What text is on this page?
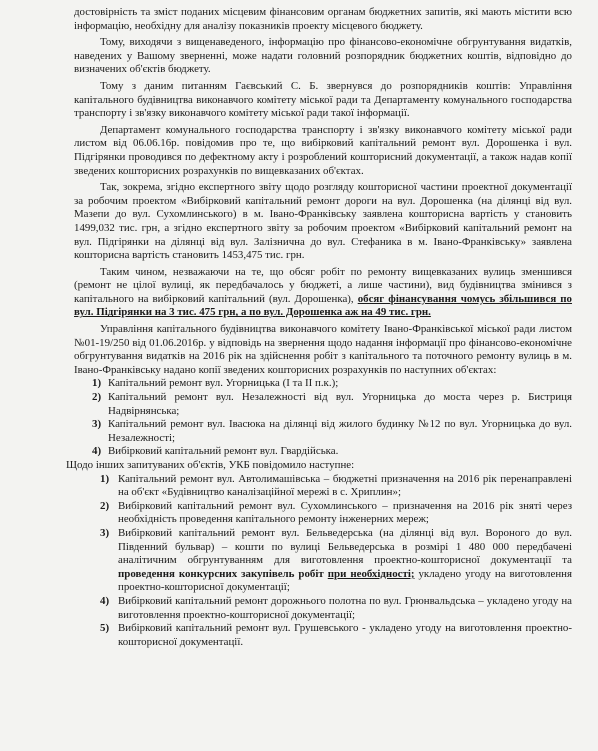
достовірність та зміст поданих місцевим фінансовим органам бюджетних запитів, які мають містити всю інформацію, необхідну для аналізу показників проекту місцевого бюджету.

Тому, виходячи з вищенаведеного, інформацію про фінансово-економічне обгрунтування видатків, наведених у Вашому зверненні, може надати головний розпорядник бюджетних коштів, відповідно до визначених об'єктів бюджету.

Тому з даним питанням Гаєвський С. Б. звернувся до розпорядників коштів: Управління капітального будівництва виконавчого комітету міської ради та Департаменту комунального господарства транспорту і зв'язку виконавчого комітету міської ради такої інформації.

Департамент комунального господарства транспорту і зв'язку виконавчого комітету міської ради листом від 06.06.16р. повідомив про те, що вибірковий капітальний ремонт вул. Дорошенка і вул. Підгірянки проводився по дефектному акту і розроблений кошторисний документації, а також надав копії зведених кошторисних розрахунків по вищевказаних об'єктах.

Так, зокрема, згідно експертного звіту щодо розгляду кошторисної частини проектної документації за робочим проектом «Вибірковий капітальний ремонт дороги на вул. Дорошенка (на ділянці від вул. Мазепи до вул. Сухомлинського) в м. Івано-Франківську заявлена кошторисна вартість у становить 1499,032 тис. грн, а згідно експертного звіту за робочим проектом «Вибірковий капітальний ремонт на вул. Підгірянки на ділянці від вул. Залізнична до вул. Стефаника в м. Івано-Франківську» заявлена кошторисна вартість становить 1453,475 тис. грн.

Таким чином, незважаючи на те, що обсяг робіт по ремонту вищевказаних вулиць зменшився (ремонт не цілої вулиці, як передбачалось у бюджеті, а лише частини), вид будівництва змінився з капітального на вибірковий капітальний (вул. Дорошенка), обсяг фінансування чомусь збільшився по вул. Підгірянки на 3 тис. 475 грн, а по вул. Дорошенка аж на 49 тис. грн.

Управління капітального будівництва виконавчого комітету Івано-Франківської міської ради листом №01-19/250 від 01.06.2016р. у відповідь на звернення щодо надання інформації про фінансово-економічне обгрунтування видатків на 2016 рік на здійснення робіт з капітального та поточного ремонту вулиць в м. Івано-Франківську надано копії зведених кошторисних розрахунків по наступних об'єктах:

1) Капітальний ремонт вул. Угорницька (І та ІІ п.к.);
2) Капітальний ремонт вул. Незалежності від вул. Угорницька до моста через р. Бистриця Надвірнянська;
3) Капітальний ремонт вул. Івасюка на ділянці від жилого будинку №12 по вул. Угорницька до вул. Незалежності;
4) Вибірковий капітальний ремонт вул. Гвардійська.

Щодо інших запитуваних об'єктів, УКБ повідомило наступне:

1) Капітальний ремонт вул. Автолимашівська – бюджетні призначення на 2016 рік перенаправлені на об'єкт «Будівництво каналізаційної мережі в с. Хриплин»;
2) Вибірковий капітальний ремонт вул. Сухомлинського – призначення на 2016 рік зняті через необхідність проведення капітального ремонту інженерних мереж;
3) Вибірковий капітальний ремонт вул. Бельведерська (на ділянці від вул. Вороного до вул. Південний бульвар) – кошти по вулиці Бельведерська в розмірі 1 480 000 передбачені аналітичним обгрунтуванням для виготовлення проектно-кошторисної документації та проведення конкурсних закупівель робіт при необхідності; укладено угоду на виготовлення проектно-кошторисної документації;
4) Вибірковий капітальний ремонт дорожнього полотна по вул. Грюнвальдська – укладено угоду на виготовлення проектно-кошторисної документації;
5) Вибірковий капітальний ремонт вул. Грушевського - укладено угоду на виготовлення проектно-кошторисної документації.
